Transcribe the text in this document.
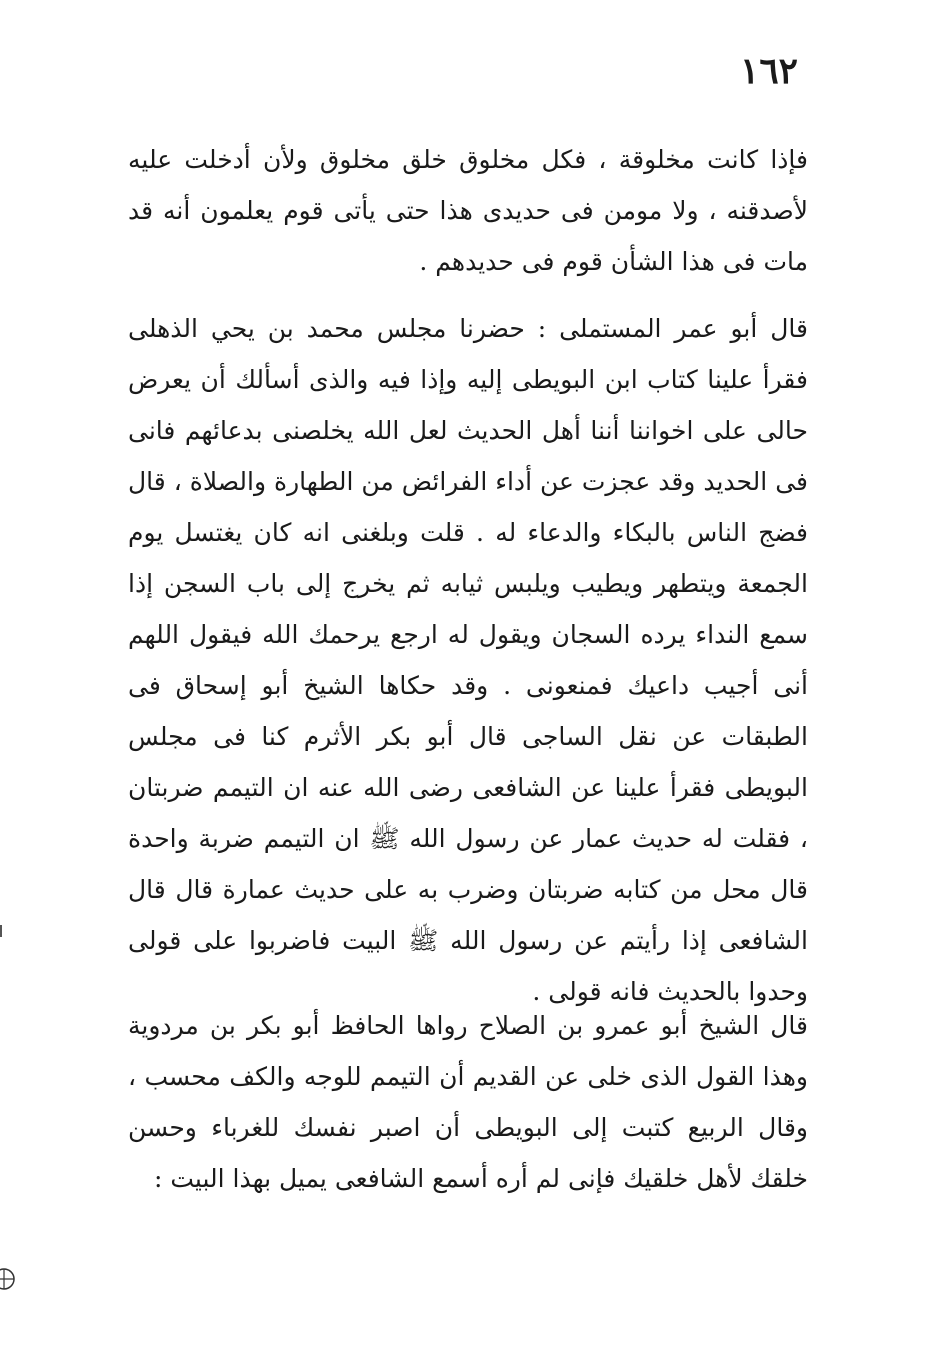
١٦٢

فإذا كانت مخلوقة ، فكل مخلوق خلق مخلوق ولأن أدخلت عليه لأصدقنه ، ولا مومن فى حديدى هذا حتى يأتى قوم يعلمون أنه قد مات فى هذا الشأن قوم فى حديدهم .

قال أبو عمر المستملى : حضرنا مجلس محمد بن يحي الذهلى فقرأ علينا كتاب ابن البويطى إليه وإذا فيه والذى أسألك أن يعرض حالى على اخواننا أننا أهل الحديث لعل الله يخلصنى بدعائهم فانى فى الحديد وقد عجزت عن أداء الفرائض من الطهارة والصلاة ، قال فضج الناس بالبكاء والدعاء له . قلت وبلغنى انه كان يغتسل يوم الجمعة ويتطهر ويطيب ويلبس ثيابه ثم يخرج إلى باب السجن إذا سمع النداء يرده السجان ويقول له ارجع يرحمك الله فيقول اللهم أنى أجيب داعيك فمنعونى . وقد حكاها الشيخ أبو إسحاق فى الطبقات عن نقل الساجى قال أبو بكر الأثرم كنا فى مجلس البويطى فقرأ علينا عن الشافعى رضى الله عنه ان التيمم ضربتان ، فقلت له حديث عمار عن رسول الله ﷺ ان التيمم ضربة واحدة قال محل من كتابه ضربتان وضرب به على حديث عمارة قال قال الشافعى إذا رأيتم عن رسول الله ﷺ البيت فاضربوا على قولى وحدوا بالحديث فانه قولى .

قال الشيخ أبو عمرو بن الصلاح رواها الحافظ أبو بكر بن مردوية وهذا القول الذى خلى عن القديم أن التيمم للوجه والكف محسب ، وقال الربيع كتبت إلى البويطى أن اصبر نفسك للغرباء وحسن خلقك لأهل خلقيك فإنى لم أره أسمع الشافعى يميل بهذا البيت :
